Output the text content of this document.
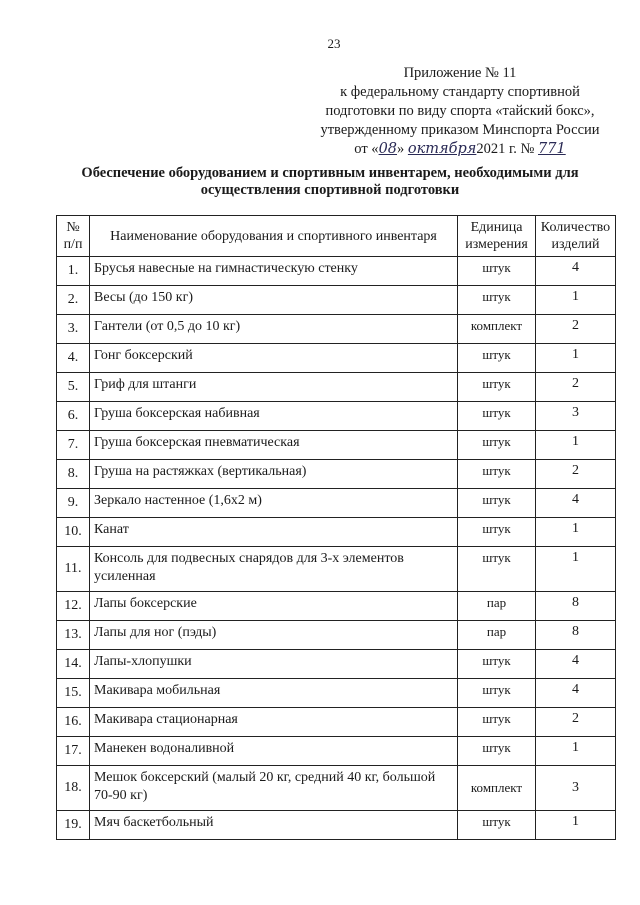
23
Приложение № 11
к федеральному стандарту спортивной
подготовки по виду спорта «тайский бокс»,
утвержденному приказом Минспорта России
от «08» октября2021 г. № 771
Обеспечение оборудованием и спортивным инвентарем, необходимыми для осуществления спортивной подготовки
№ п/п	Наименование оборудования и спортивного инвентаря	Единица измерения	Количество изделий
1.	Брусья навесные на гимнастическую стенку	штук	4
2.	Весы (до 150 кг)	штук	1
3.	Гантели (от 0,5 до 10 кг)	комплект	2
4.	Гонг боксерский	штук	1
5.	Гриф для штанги	штук	2
6.	Груша боксерская набивная	штук	3
7.	Груша боксерская пневматическая	штук	1
8.	Груша на растяжках (вертикальная)	штук	2
9.	Зеркало настенное (1,6х2 м)	штук	4
10.	Канат	штук	1
11.	Консоль для подвесных снарядов для 3-х элементов усиленная	штук	1
12.	Лапы боксерские	пар	8
13.	Лапы для ног (пэды)	пар	8
14.	Лапы-хлопушки	штук	4
15.	Макивара мобильная	штук	4
16.	Макивара стационарная	штук	2
17.	Манекен водоналивной	штук	1
18.	Мешок боксерский (малый 20 кг, средний 40 кг, большой 70-90 кг)	комплект	3
19.	Мяч баскетбольный	штук	1
